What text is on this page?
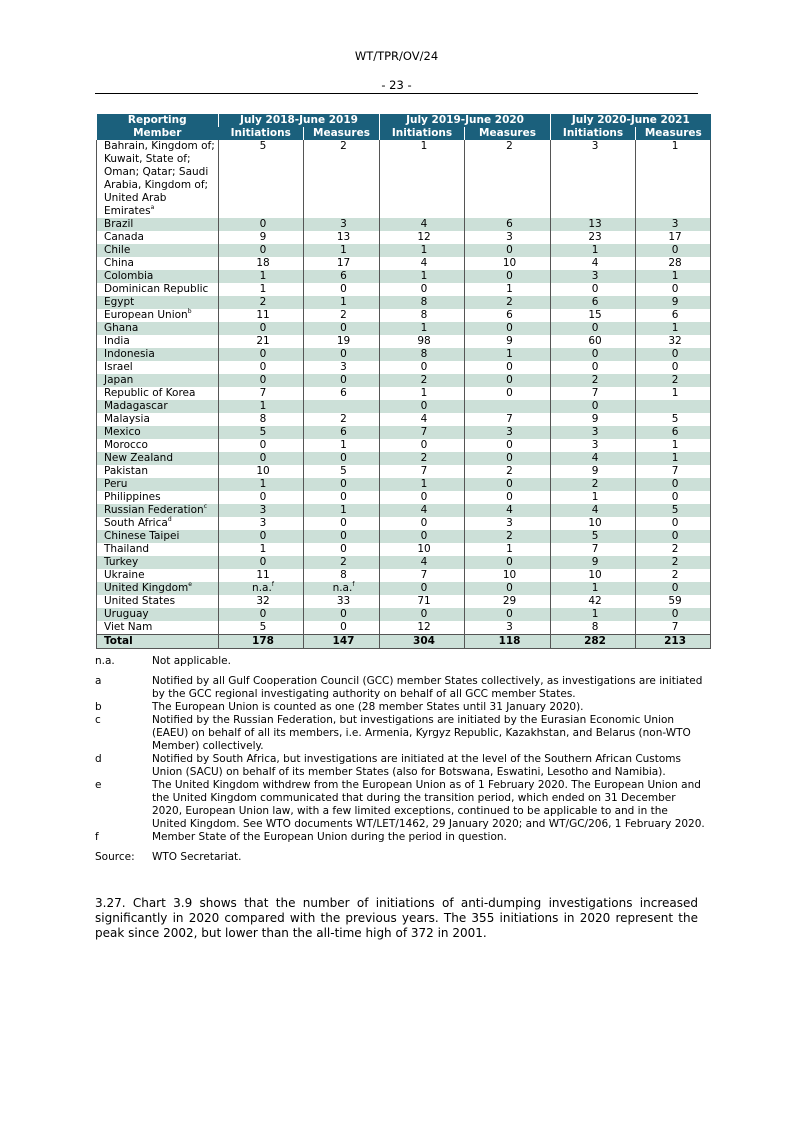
WT/TPR/OV/24
- 23 -
Reporting Member	July 2018-June 2019		July 2019-June 2020		July 2020-June 2021	
	Initiations	Measures	Initiations	Measures	Initiations	Measures
Bahrain, Kingdom of; Kuwait, State of; Oman; Qatar; Saudi Arabia, Kingdom of; United Arab Emirates$^a$	5	2	1	2	3	1
Brazil	0	3	4	6	13	3
Canada	9	13	12	3	23	17
Chile	0	1	1	0	1	0
China	18	17	4	10	4	28
Colombia	1	6	1	0	3	1
Dominican Republic	1	0	0	1	0	0
Egypt	2	1	8	2	6	9
European Union$^b$	11	2	8	6	15	6
Ghana	0	0	1	0	0	1
India	21	19	98	9	60	32
Indonesia	0	0	8	1	0	0
Israel	0	3	0	0	0	0
Japan	0	0	2	0	2	2
Republic of Korea	7	6	1	0	7	1
Madagascar	1		0		0	
Malaysia	8	2	4	7	9	5
Mexico	5	6	7	3	3	6
Morocco	0	1	0	0	3	1
New Zealand	0	0	2	0	4	1
Pakistan	10	5	7	2	9	7
Peru	1	0	1	0	2	0
Philippines	0	0	0	0	1	0
Russian Federation$^c$	3	1	4	4	4	5
South Africa$^d$	3	0	0	3	10	0
Chinese Taipei	0	0	0	2	5	0
Thailand	1	0	10	1	7	2
Turkey	0	2	4	0	9	2
Ukraine	11	8	7	10	10	2
United Kingdom$^e$	n.a.$^f$	n.a.$^f$	0	0	1	0
United States	32	33	71	29	42	59
Uruguay	0	0	0	0	1	0
Viet Nam	5	0	12	3	8	7
Total	178	147	304	118	282	213
n.a.	Not applicable.
a	Notified by all Gulf Cooperation Council (GCC) member States collectively, as investigations are initiated by the GCC regional investigating authority on behalf of all GCC member States.
b	The European Union is counted as one (28 member States until 31 January 2020).
c	Notified by the Russian Federation, but investigations are initiated by the Eurasian Economic Union (EAEU) on behalf of all its members, i.e. Armenia, Kyrgyz Republic, Kazakhstan, and Belarus (non-WTO Member) collectively.
d	Notified by South Africa, but investigations are initiated at the level of the Southern African Customs Union (SACU) on behalf of its member States (also for Botswana, Eswatini, Lesotho and Namibia).
e	The United Kingdom withdrew from the European Union as of 1 February 2020. The European Union and the United Kingdom communicated that during the transition period, which ended on 31 December 2020, European Union law, with a few limited exceptions, continued to be applicable to and in the United Kingdom. See WTO documents WT/LET/1462, 29 January 2020; and WT/GC/206, 1 February 2020.
f	Member State of the European Union during the period in question.
Source:	WTO Secretariat.
3.27. Chart 3.9 shows that the number of initiations of anti-dumping investigations increased significantly in 2020 compared with the previous years. The 355 initiations in 2020 represent the peak since 2002, but lower than the all-time high of 372 in 2001.
